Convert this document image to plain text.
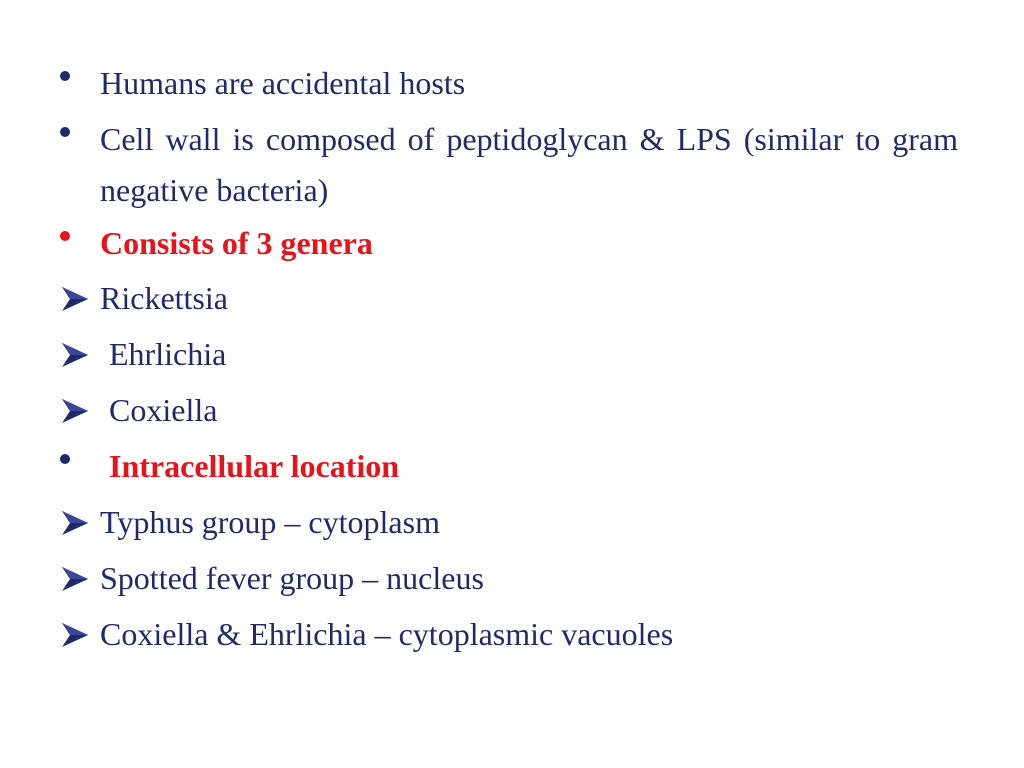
Humans are accidental hosts
Cell wall is composed of peptidoglycan & LPS (similar to gram negative bacteria)
Consists of 3 genera
Rickettsia
Ehrlichia
Coxiella
Intracellular location
Typhus group – cytoplasm
Spotted fever group – nucleus
Coxiella & Ehrlichia – cytoplasmic vacuoles
